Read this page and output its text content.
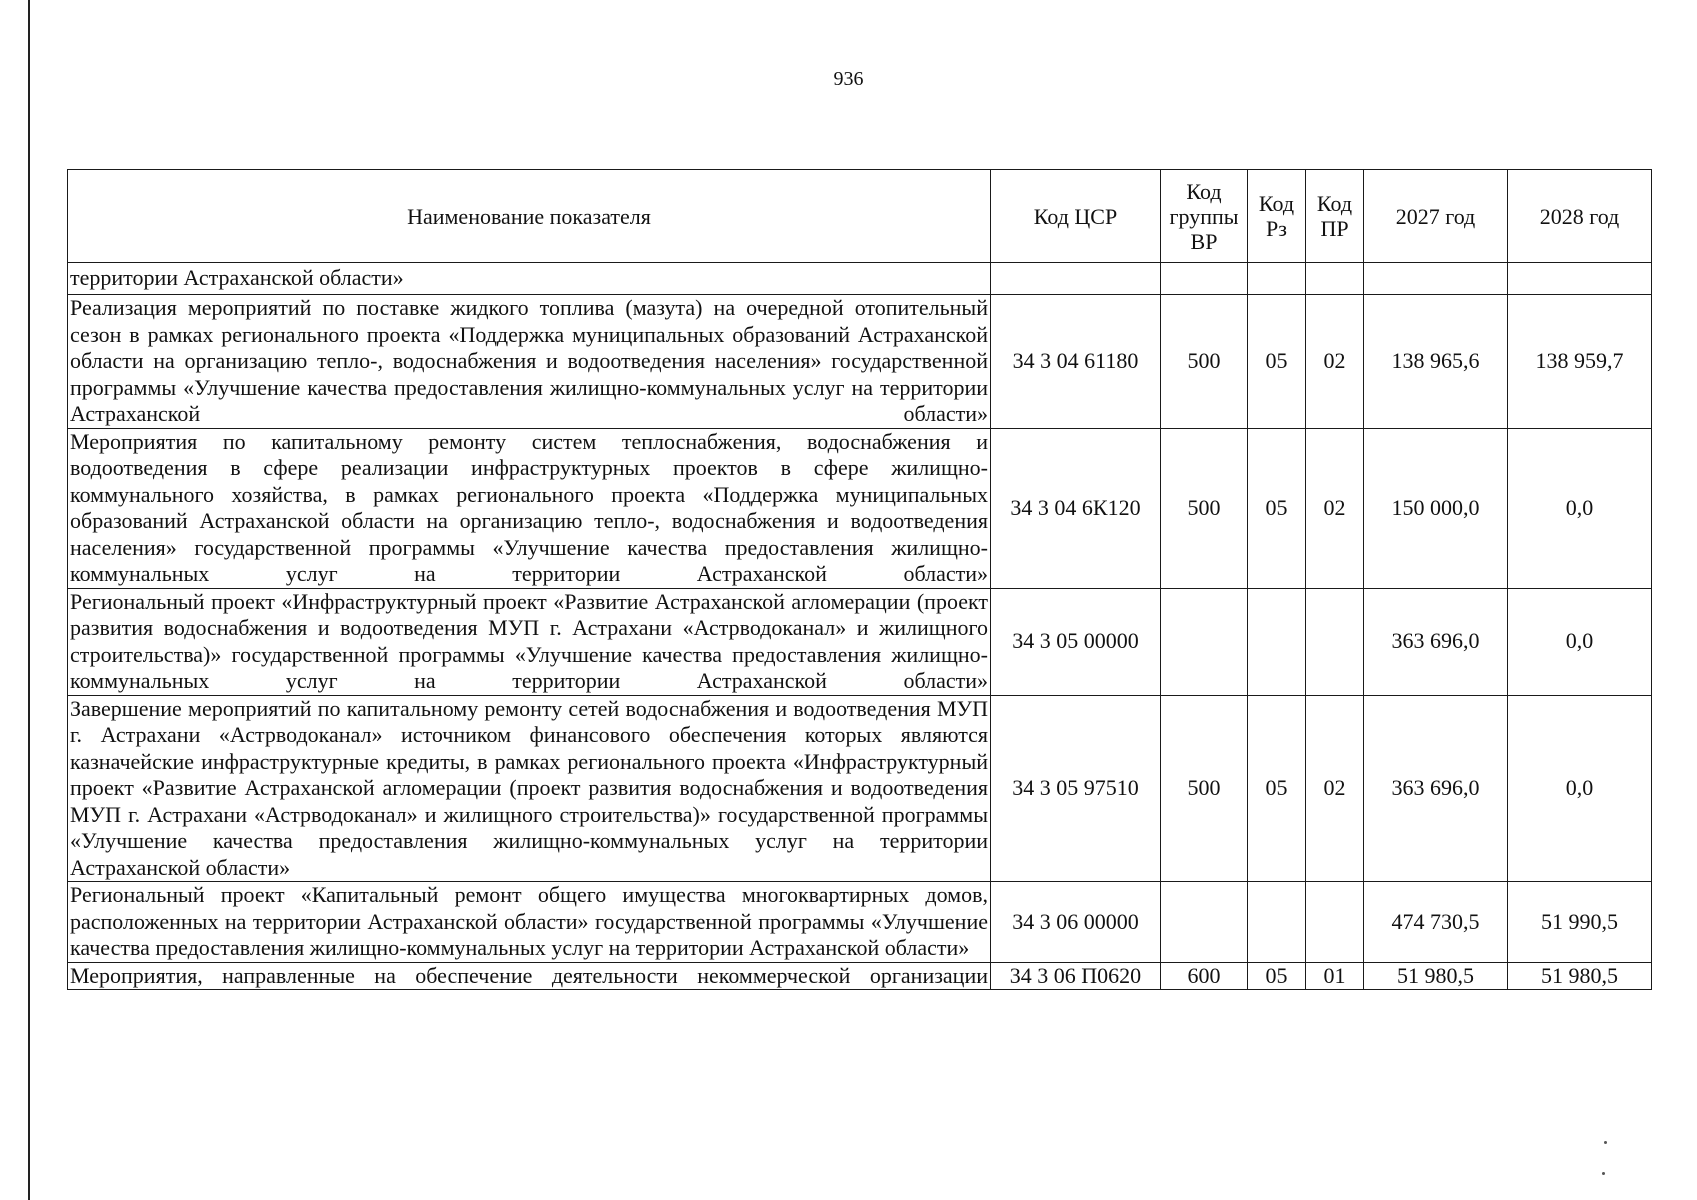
936
Наименование показателя	Код ЦСР	Код группы ВР	Код Рз	Код ПР	2027 год	2028 год
территории Астраханской области»						
Реализация мероприятий по поставке жидкого топлива (мазута) на очередной отопительный сезон в рамках регионального проекта «Поддержка муниципальных образований Астраханской области на организацию тепло-, водоснабжения и водоотведения населения» государственной программы «Улучшение качества предоставления жилищно-коммунальных услуг на территории Астраханской области»	34 3 04 61180	500	05	02	138 965,6	138 959,7
Мероприятия по капитальному ремонту систем теплоснабжения, водоснабжения и водоотведения в сфере реализации инфраструктурных проектов в сфере жилищно-коммунального хозяйства, в рамках регионального проекта «Поддержка муниципальных образований Астраханской области на организацию тепло-, водоснабжения и водоотведения населения» государственной программы «Улучшение качества предоставления жилищно-коммунальных услуг на территории Астраханской области»	34 3 04 6К120	500	05	02	150 000,0	0,0
Региональный проект «Инфраструктурный проект «Развитие Астраханской агломерации (проект развития водоснабжения и водоотведения МУП г. Астрахани «Астрводоканал» и жилищного строительства)» государственной программы «Улучшение качества предоставления жилищно-коммунальных услуг на территории Астраханской области»	34 3 05 00000				363 696,0	0,0
Завершение мероприятий по капитальному ремонту сетей водоснабжения и водоотведения МУП г. Астрахани «Астрводоканал» источником финансового обеспечения которых являются казначейские инфраструктурные кредиты, в рамках регионального проекта «Инфраструктурный проект «Развитие Астраханской агломерации (проект развития водоснабжения и водоотведения МУП г. Астрахани «Астрводоканал» и жилищного строительства)» государственной программы «Улучшение качества предоставления жилищно-коммунальных услуг на территории Астраханской области»	34 3 05 97510	500	05	02	363 696,0	0,0
Региональный проект «Капитальный ремонт общего имущества многоквартирных домов, расположенных на территории Астраханской области» государственной программы «Улучшение качества предоставления жилищно-коммунальных услуг на территории Астраханской области»	34 3 06 00000				474 730,5	51 990,5
Мероприятия, направленные на обеспечение деятельности некоммерческой организации	34 3 06 П0620	600	05	01	51 980,5	51 980,5
